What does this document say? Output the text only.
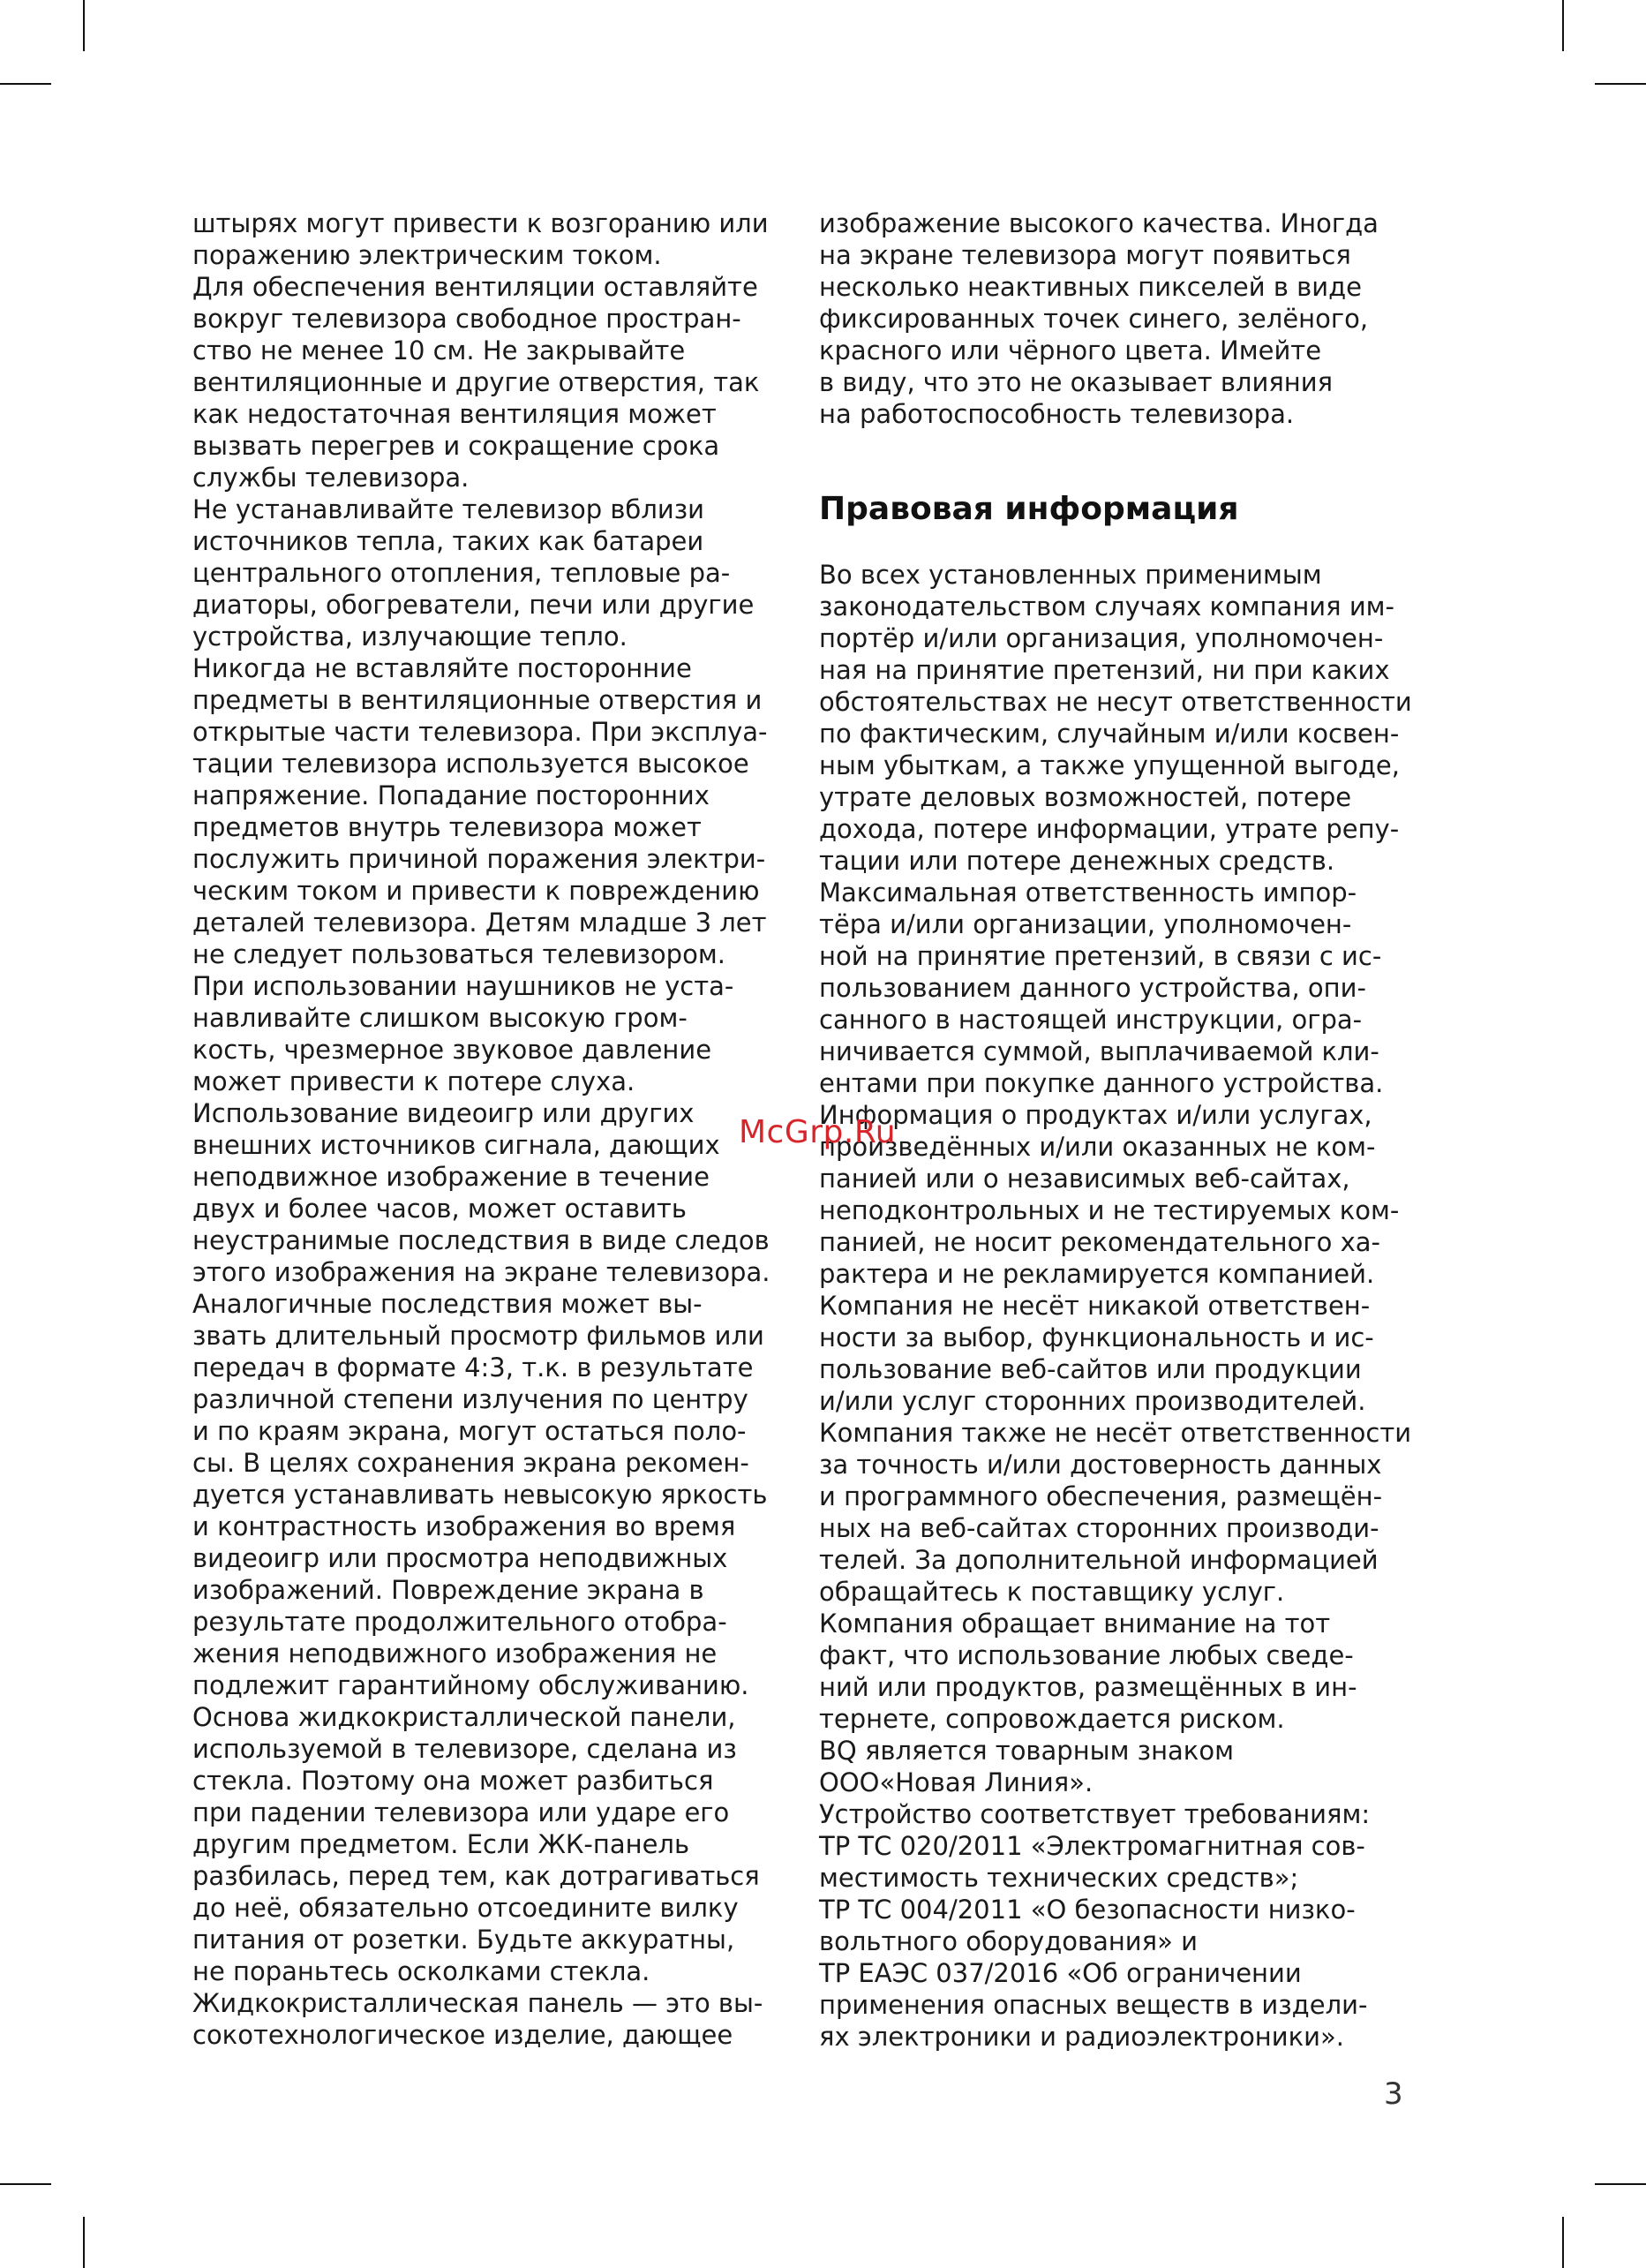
штырях могут привести к возгоранию или
поражению электрическим током.
Для обеспечения вентиляции оставляйте
вокруг телевизора свободное простран-
ство не менее 10 см. Не закрывайте
вентиляционные и другие отверстия, так
как недостаточная вентиляция может
вызвать перегрев и сокращение срока
службы телевизора.
Не устанавливайте телевизор вблизи
источников тепла, таких как батареи
центрального отопления, тепловые ра-
диаторы, обогреватели, печи или другие
устройства, излучающие тепло.
Никогда не вставляйте посторонние
предметы в вентиляционные отверстия и
открытые части телевизора. При эксплуа-
тации телевизора используется высокое
напряжение. Попадание посторонних
предметов внутрь телевизора может
послужить причиной поражения электри-
ческим током и привести к повреждению
деталей телевизора. Детям младше 3 лет
не следует пользоваться телевизором.
При использовании наушников не уста-
навливайте слишком высокую гром-
кость, чрезмерное звуковое давление
может привести к потере слуха.
Использование видеоигр или других
внешних источников сигнала, дающих
неподвижное изображение в течение
двух и более часов, может оставить
неустранимые последствия в виде следов
этого изображения на экране телевизора.
Аналогичные последствия может вы-
звать длительный просмотр фильмов или
передач в формате 4:3, т.к. в результате
различной степени излучения по центру
и по краям экрана, могут остаться поло-
сы. В целях сохранения экрана рекомен-
дуется устанавливать невысокую яркость
и контрастность изображения во время
видеоигр или просмотра неподвижных
изображений. Повреждение экрана в
результате продолжительного отобра-
жения неподвижного изображения не
подлежит гарантийному обслуживанию.
Основа жидкокристаллической панели,
используемой в телевизоре, сделана из
стекла. Поэтому она может разбиться
при падении телевизора или ударе его
другим предметом. Если ЖК-панель
разбилась, перед тем, как дотрагиваться
до неё, обязательно отсоедините вилку
питания от розетки. Будьте аккуратны,
не пораньтесь осколками стекла.
Жидкокристаллическая панель — это вы-
сокотехнологическое изделие, дающее
изображение высокого качества. Иногда
на экране телевизора могут появиться
несколько неактивных пикселей в виде
фиксированных точек синего, зелёного,
красного или чёрного цвета. Имейте
в виду, что это не оказывает влияния
на работоспособность телевизора.
Правовая информация
Во всех установленных применимым
законодательством случаях компания им-
портёр и/или организация, уполномочен-
ная на принятие претензий, ни при каких
обстоятельствах не несут ответственности
по фактическим, случайным и/или косвен-
ным убыткам, а также упущенной выгоде,
утрате деловых возможностей, потере
дохода, потере информации, утрате репу-
тации или потере денежных средств.
Максимальная ответственность импор-
тёра и/или организации, уполномочен-
ной на принятие претензий, в связи с ис-
пользованием данного устройства, опи-
санного в настоящей инструкции, огра-
ничивается суммой, выплачиваемой кли-
ентами при покупке данного устройства.
Информация о продуктах и/или услугах,
произведённых и/или оказанных не ком-
панией или о независимых веб-сайтах,
неподконтрольных и не тестируемых ком-
панией, не носит рекомендательного ха-
рактера и не рекламируется компанией.
Компания не несёт никакой ответствен-
ности за выбор, функциональность и ис-
пользование веб-сайтов или продукции
и/или услуг сторонних производителей.
Компания также не несёт ответственности
за точность и/или достоверность данных
и программного обеспечения, размещён-
ных на веб-сайтах сторонних производи-
телей. За дополнительной информацией
обращайтесь к поставщику услуг.
Компания обращает внимание на тот
факт, что использование любых сведе-
ний или продуктов, размещённых в ин-
тернете, сопровождается риском.
BQ является товарным знаком
ООО«Новая Линия».
Устройство соответствует требованиям:
ТР ТС 020/2011 «Электромагнитная сов-
местимость технических средств»;
ТР ТС 004/2011 «О безопасности низко-
вольтного оборудования» и
ТР ЕАЭС 037/2016 «Об ограничении
применения опасных веществ в издели-
ях электроники и радиоэлектроники».
McGrp.Ru
3
